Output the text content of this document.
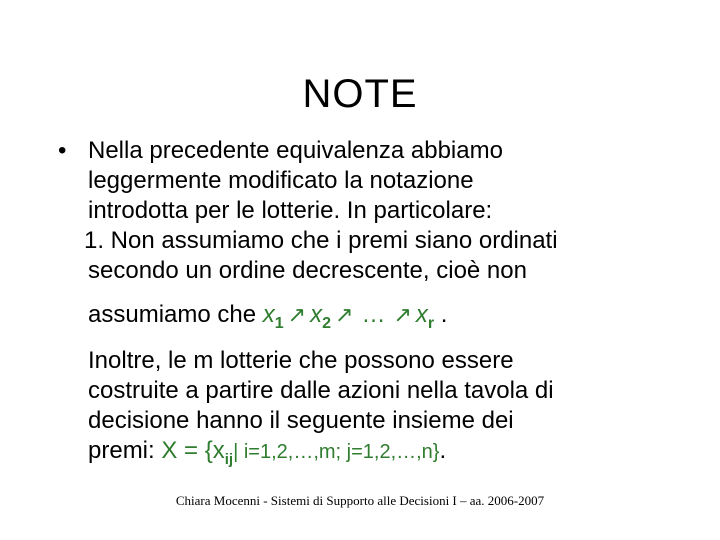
NOTE
• Nella precedente equivalenza abbiamo
leggermente modificato la notazione
introdotta per le lotterie. In particolare:
1. Non assumiamo che i premi siano ordinati
secondo un ordine decrescente, cioè non
assumiamo che $x_1$ ↗ $x_2$ ↗ … ↗ $x_r$ .
Inoltre, le m lotterie che possono essere
costruite a partire dalle azioni nella tavola di
decisione hanno il seguente insieme dei
premi: $X = \{x_{ij}|$ i=1,2,…,m; j=1,2,…,n}.
Chiara Mocenni - Sistemi di Supporto alle Decisioni I – aa. 2006-2007
